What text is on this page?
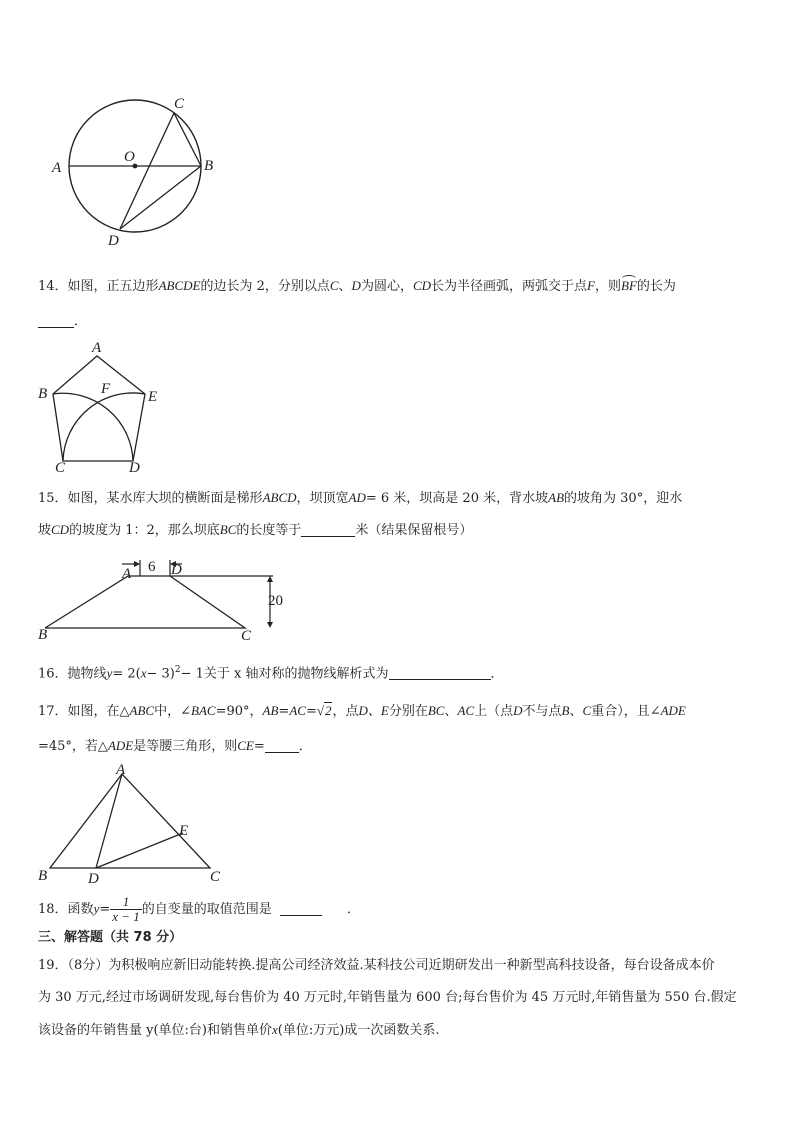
A
O
B
C
D
14．如图，正五边形ABCDE的边长为 2，分别以点C、D为圆心，CD长为半径画弧，两弧交于点F，则BF
的长为
．
A
B	F	E
C	D
15．如图，某水库大坝的横断面是梯形ABCD，坝顶宽AD= 6 米，坝高是 20 米，背水坡AB的坡角为 30°，迎水
坡CD的坡度为 1：2，那么坝底BC的长度等于	米（结果保留根号）
A	D
6
20
B	C
16．抛物线$y= 2(x- 3)^2- 1$关于 x 轴对称的抛物线解析式为	．
17．如图，在△ABC中，∠BAC=90°，AB=AC=√2，点D、E分别在BC、AC上（点D不与点B、C重合），且∠ADE
=45°，若△ADE是等腰三角形，则CE=	．
A
E
B	D	C
18．函数$y= \frac{1}{x - 1}$ 的自变量的取值范围是	．
三、解答题（共 78 分）
19．（8分）为积极响应新旧动能转换.提高公司经济效益.某科技公司近期研发出一种新型高科技设备，每台设备成本价
为 30 万元,经过市场调研发现,每台售价为 40 万元时,年销售量为 600 台;每台售价为 45 万元时,年销售量为 550 台.假定
该设备的年销售量 y(单位:台)和销售单价x(单位:万元)成一次函数关系.
